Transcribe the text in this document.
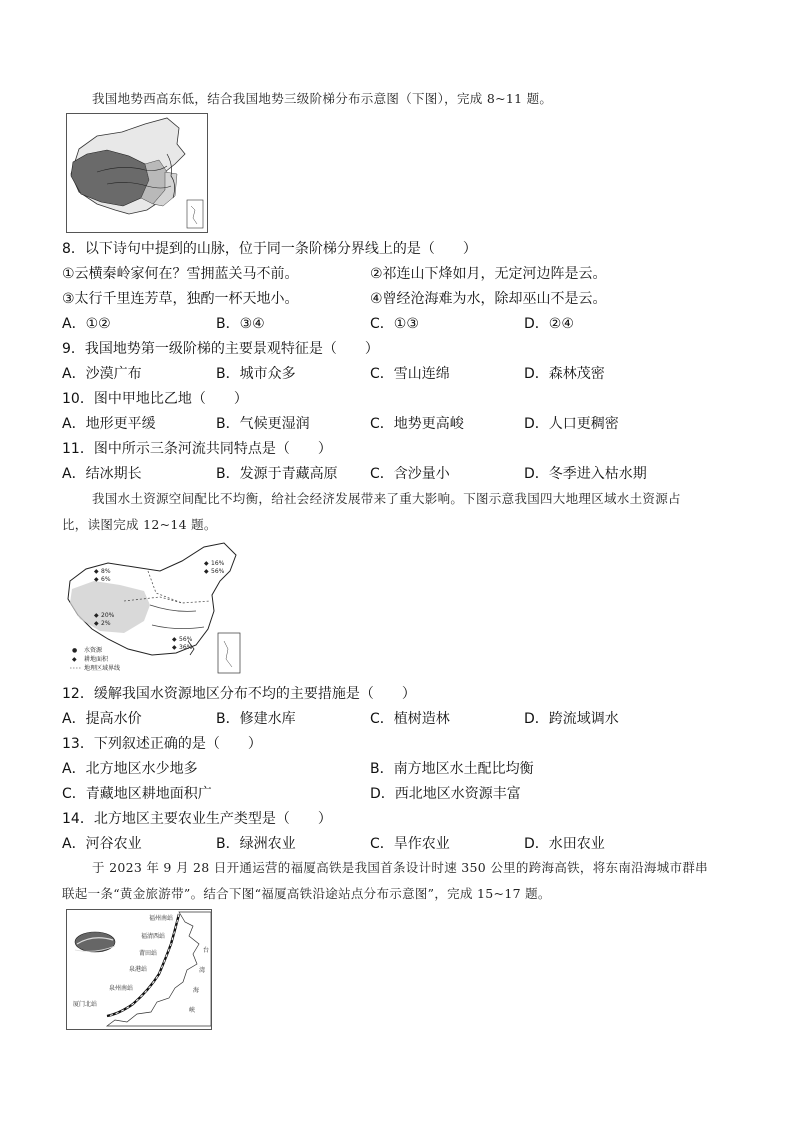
我国地势西高东低，结合我国地势三级阶梯分布示意图（下图），完成 8~11 题。
8．以下诗句中提到的山脉，位于同一条阶梯分界线上的是（　　）
①云横秦岭家何在？雪拥蓝关马不前。	②祁连山下烽如月，无定河边阵是云。
③太行千里连芳草，独酌一杯天地小。	④曾经沧海难为水，除却巫山不是云。
A．①②	B．③④	C．①③	D．②④
9．我国地势第一级阶梯的主要景观特征是（　　）
A．沙漠广布	B．城市众多	C．雪山连绵	D．森林茂密
10．图中甲地比乙地（　　）
A．地形更平缓	B．气候更湿润	C．地势更高峻	D．人口更稠密
11．图中所示三条河流共同特点是（　　）
A．结冰期长	B．发源于青藏高原 C．含沙量小	D．冬季进入枯水期
我国水土资源空间配比不均衡，给社会经济发展带来了重大影响。下图示意我国四大地理区域水土资源占
比，读图完成 12~14 题。
◆ 8%
◆ 6%
◆ 16%
◆ 56%
◆ 20%
◆ 2%
◆ 56%
◆ 36%
● 水资源
◆ 耕地面积
地理区域界线
12．缓解我国水资源地区分布不均的主要措施是（　　）
A．提高水价	B．修建水库	C．植树造林	D．跨流域调水
13．下列叙述正确的是（　　）
A．北方地区水少地多	B．南方地区水土配比均衡
C．青藏地区耕地面积广	D．西北地区水资源丰富
14．北方地区主要农业生产类型是（　　）
A．河谷农业	B．绿洲农业	C．旱作农业	D．水田农业
于 2023 年 9 月 28 日开通运营的福厦高铁是我国首条设计时速 350 公里的跨海高铁，将东南沿海城市群串
联起一条“黄金旅游带”。结合下图“福厦高铁沿途站点分布示意图”，完成 15~17 题。
福州南站
福清西站
莆田站
泉港站
泉州南站
厦门北站
台
湾
海
峡
